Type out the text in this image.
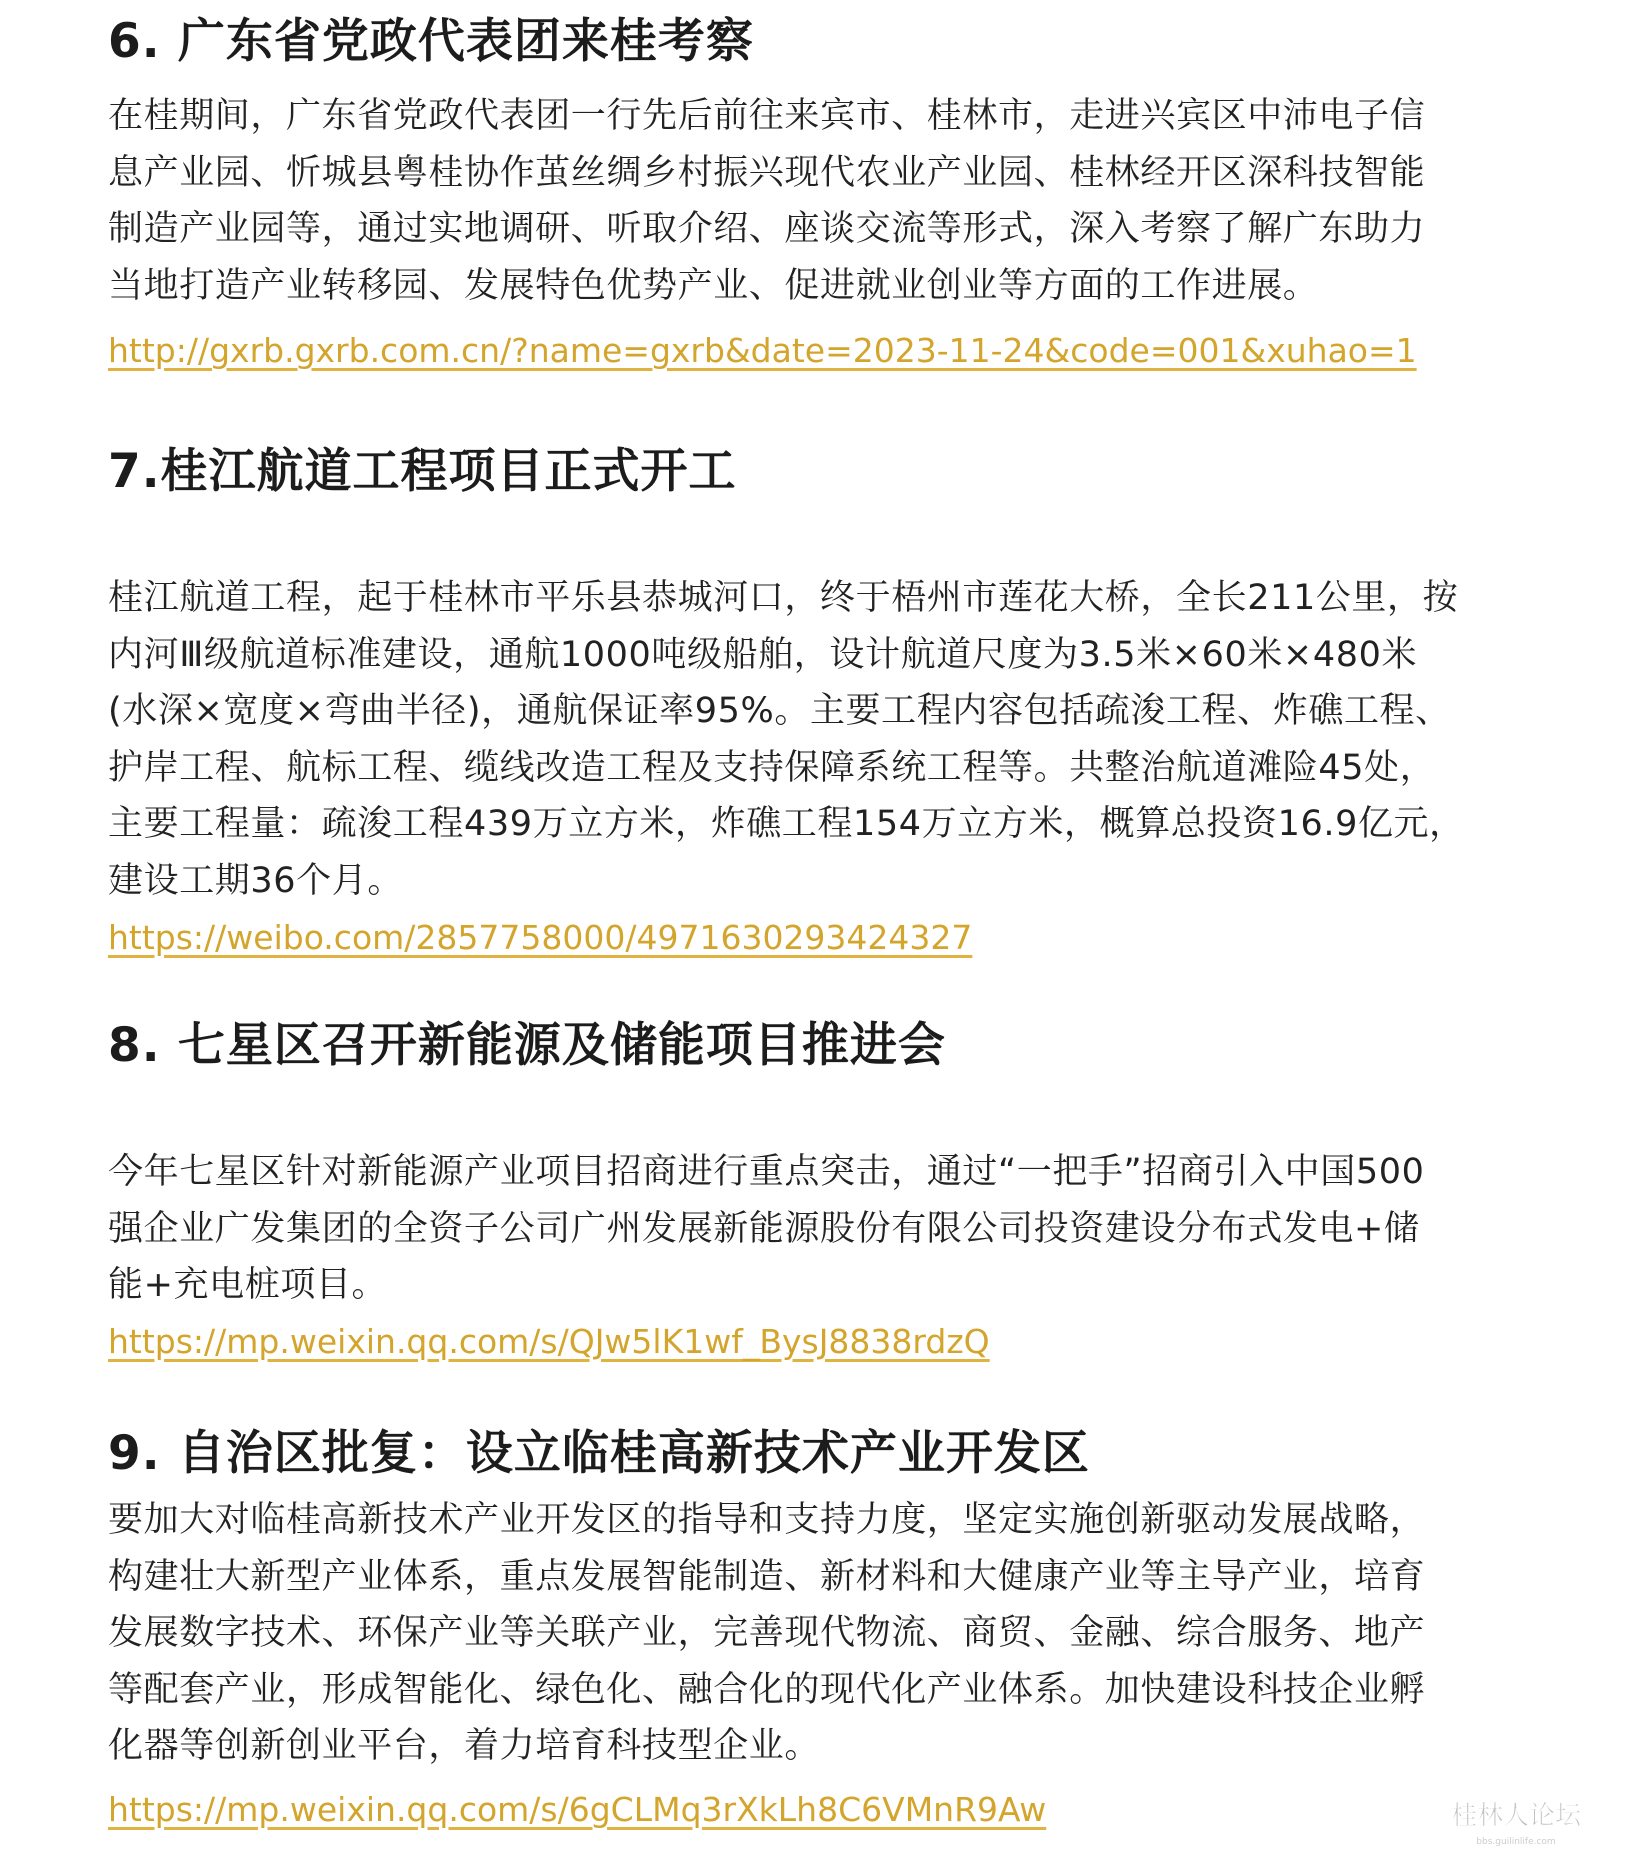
6. 广东省党政代表团来桂考察
在桂期间，广东省党政代表团一行先后前往来宾市、桂林市，走进兴宾区中沛电子信
息产业园、忻城县粤桂协作茧丝绸乡村振兴现代农业产业园、桂林经开区深科技智能
制造产业园等，通过实地调研、听取介绍、座谈交流等形式，深入考察了解广东助力
当地打造产业转移园、发展特色优势产业、促进就业创业等方面的工作进展。
http://gxrb.gxrb.com.cn/?name=gxrb&date=2023-11-24&code=001&xuhao=1
7.桂江航道工程项目正式开工
桂江航道工程，起于桂林市平乐县恭城河口，终于梧州市莲花大桥，全长211公里，按
内河Ⅲ级航道标准建设，通航1000吨级船舶，设计航道尺度为3.5米×60米×480米
(水深×宽度×弯曲半径)，通航保证率95%。主要工程内容包括疏浚工程、炸礁工程、
护岸工程、航标工程、缆线改造工程及支持保障系统工程等。共整治航道滩险45处，
主要工程量：疏浚工程439万立方米，炸礁工程154万立方米，概算总投资16.9亿元，
建设工期36个月。
https://weibo.com/2857758000/4971630293424327
8. 七星区召开新能源及储能项目推进会
今年七星区针对新能源产业项目招商进行重点突击，通过“一把手”招商引入中国500
强企业广发集团的全资子公司广州发展新能源股份有限公司投资建设分布式发电+储
能+充电桩项目。
https://mp.weixin.qq.com/s/QJw5lK1wf_BysJ8838rdzQ
9. 自治区批复：设立临桂高新技术产业开发区
要加大对临桂高新技术产业开发区的指导和支持力度，坚定实施创新驱动发展战略，
构建壮大新型产业体系，重点发展智能制造、新材料和大健康产业等主导产业，培育
发展数字技术、环保产业等关联产业，完善现代物流、商贸、金融、综合服务、地产
等配套产业，形成智能化、绿色化、融合化的现代化产业体系。加快建设科技企业孵
化器等创新创业平台，着力培育科技型企业。
https://mp.weixin.qq.com/s/6gCLMq3rXkLh8C6VMnR9Aw	桂林人论坛
bbs.guilinlife.com
